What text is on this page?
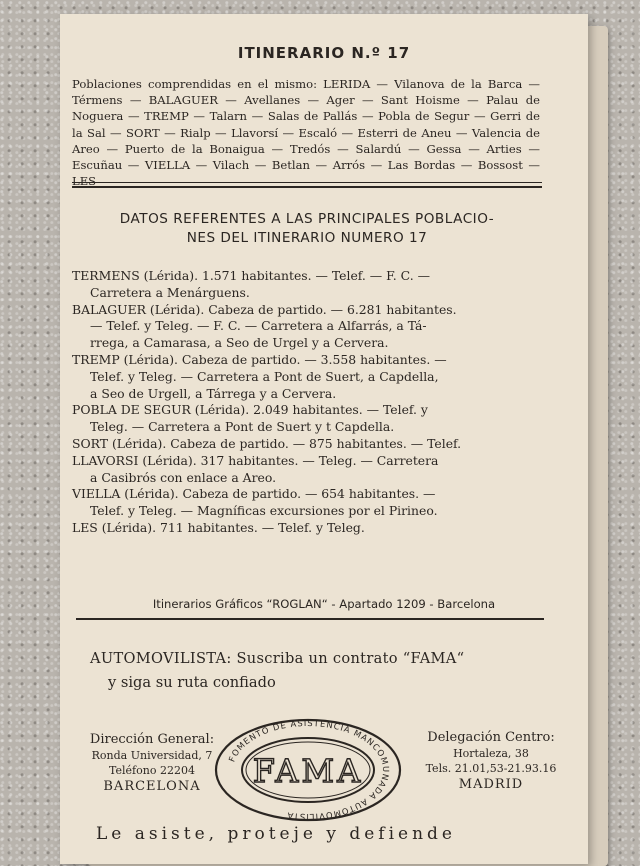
ITINERARIO N.º 17
Poblaciones comprendidas en el mismo: LERIDA — Vilanova de la Barca — Térmens — BALAGUER — Avellanes — Ager — Sant Hoisme — Palau de Noguera — TREMP — Talarn — Salas de Pallás — Pobla de Segur — Gerri de la Sal — SORT — Rialp — Llavorsí — Escaló — Esterri de Aneu — Valencia de Areo — Puerto de la Bonaigua — Tredós — Salardú — Gessa — Arties — Escuñau — VIELLA — Vilach — Betlan — Arrós — Las Bordas — Bossost —
DATOS REFERENTES A LAS PRINCIPALES POBLACIO-
NES DEL ITINERARIO NUMERO 17
TERMENS (Lérida). 1.571 habitantes. — Telef. — F. C. —
Carretera a Menárguens.
BALAGUER (Lérida). Cabeza de partido. — 6.281 habitantes.
— Telef. y Teleg. — F. C. — Carretera a Alfarrás, a Tá-
rrega, a Camarasa, a Seo de Urgel y a Cervera.
TREMP (Lérida). Cabeza de partido. — 3.558 habitantes. —
Telef. y Teleg. — Carretera a Pont de Suert, a Capdella,
a Seo de Urgell, a Tárrega y a Cervera.
POBLA DE SEGUR (Lérida). 2.049 habitantes. — Telef. y
Teleg. — Carretera a Pont de Suert y t Capdella.
SORT (Lérida). Cabeza de partido. — 875 habitantes. — Telef.
LLAVORSI (Lérida). 317 habitantes. — Teleg. — Carretera
a Casibrós con enlace a Areo.
VIELLA (Lérida). Cabeza de partido. — 654 habitantes. —
Telef. y Teleg. — Magníficas excursiones por el Pirineo.
LES (Lérida). 711 habitantes. — Telef. y Teleg.
Itinerarios Gráficos “ROGLAN“ - Apartado 1209 - Barcelona
AUTOMOVILISTA: Suscriba un contrato “FAMA“
y siga su ruta confiado
Dirección General:
Ronda Universidad, 7
Teléfono 22204
BARCELONA
FOMENTO DE ASISTENCIA MANCOMUNADA AUTOMOVILISTA
FAMA
Delegación Centro:
Hortaleza, 38
Tels. 21.01,53-21.93.16
MADRID
Le asiste, proteje y defiende
